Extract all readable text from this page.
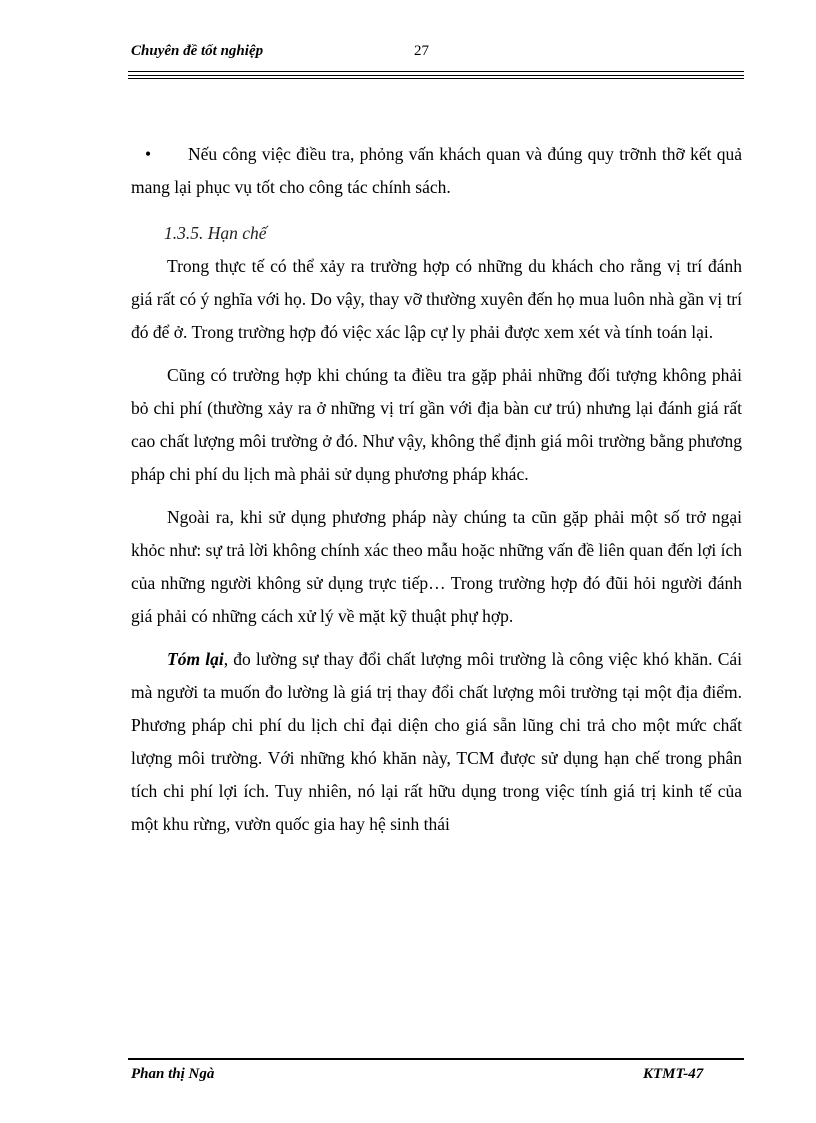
Chuyên đề tốt nghiệp	27

• Nếu công việc điều tra, phỏng vấn khách quan và đúng quy trỡnh thỡ kết quả mang lại phục vụ tốt cho công tác chính sách.

1.3.5. Hạn chế

Trong thực tế có thể xảy ra trường hợp có những du khách cho rằng vị trí đánh giá rất có ý nghĩa với họ. Do vậy, thay vỡ thường xuyên đến họ mua luôn nhà gần vị trí đó để ở. Trong trường hợp đó việc xác lập cự ly phải được xem xét và tính toán lại.

Cũng có trường hợp khi chúng ta điều tra gặp phải những đối tượng không phải bỏ chi phí (thường xảy ra ở những vị trí gần với địa bàn cư trú) nhưng lại đánh giá rất cao chất lượng môi trường ở đó. Như vậy, không thể định giá môi trường bằng phương pháp chi phí du lịch mà phải sử dụng phương pháp khác.

Ngoài ra, khi sử dụng phương pháp này chúng ta cũn gặp phải một số trở ngại khỏc như: sự trả lời không chính xác theo mẫu hoặc những vấn đề liên quan đến lợi ích của những người không sử dụng trực tiếp… Trong trường hợp đó đũi hỏi người đánh giá phải có những cách xử lý về mặt kỹ thuật phự hợp.

Tóm lại, đo lường sự thay đổi chất lượng môi trường là công việc khó khăn. Cái mà người ta muốn đo lường là giá trị thay đổi chất lượng môi trường tại một địa điểm. Phương pháp chi phí du lịch chỉ đại diện cho giá sẵn lũng chi trả cho một mức chất lượng môi trường. Với những khó khăn này, TCM được sử dụng hạn chế trong phân tích chi phí lợi ích. Tuy nhiên, nó lại rất hữu dụng trong việc tính giá trị kinh tế của một khu rừng, vườn quốc gia hay hệ sinh thái

Phan thị Ngà	KTMT-47
